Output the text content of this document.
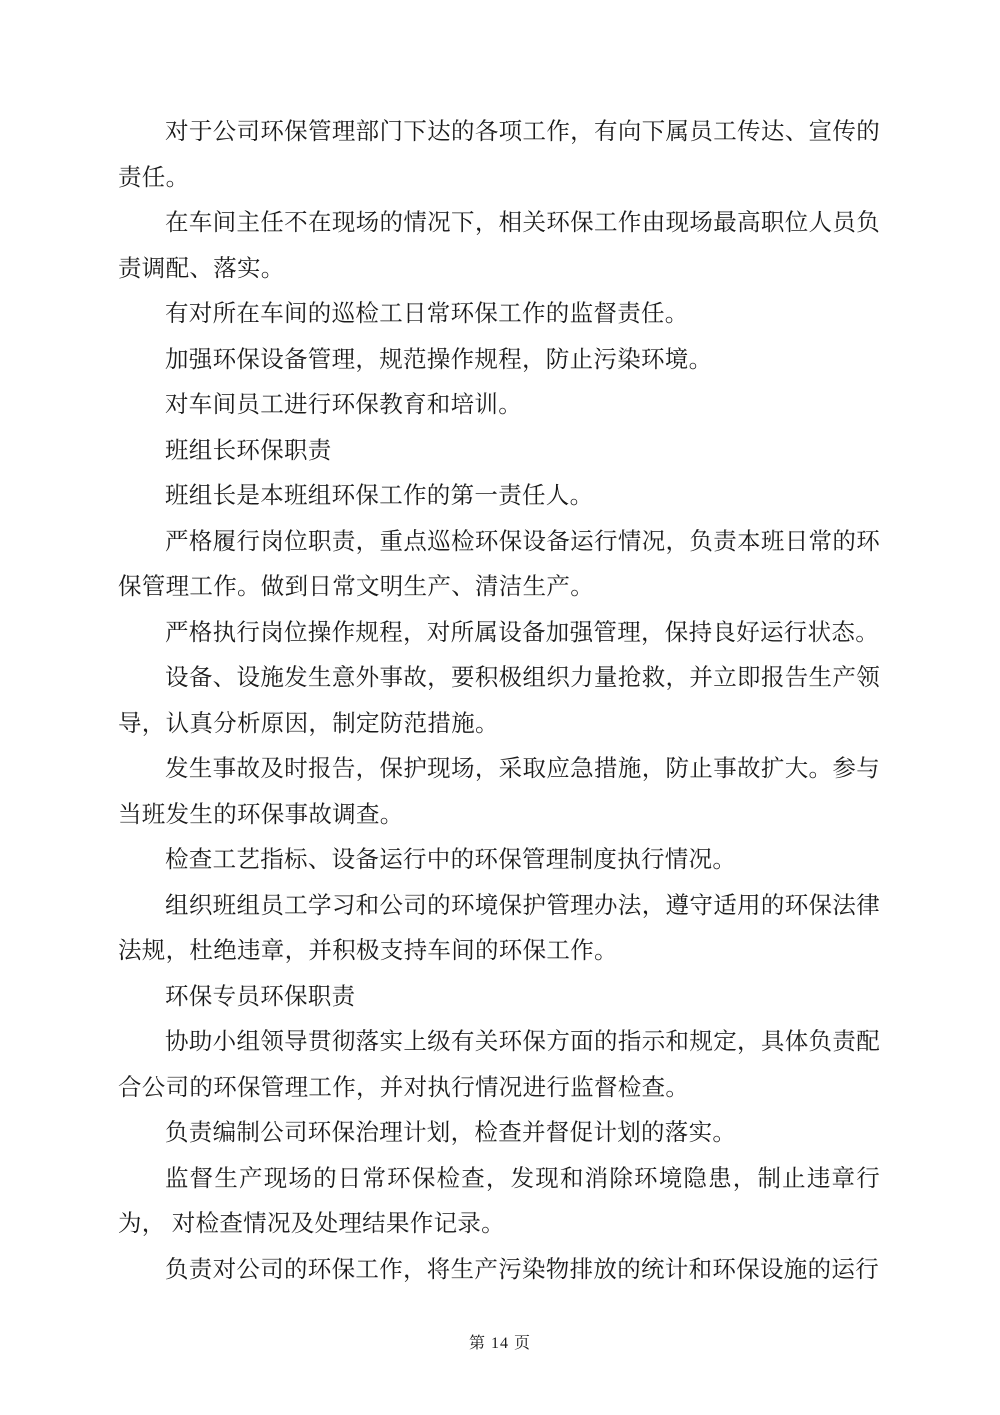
对于公司环保管理部门下达的各项工作，有向下属员工传达、宣传的责任。

在车间主任不在现场的情况下，相关环保工作由现场最高职位人员负责调配、落实。

有对所在车间的巡检工日常环保工作的监督责任。

加强环保设备管理，规范操作规程，防止污染环境。

对车间员工进行环保教育和培训。

班组长环保职责

班组长是本班组环保工作的第一责任人。

严格履行岗位职责，重点巡检环保设备运行情况，负责本班日常的环保管理工作。做到日常文明生产、清洁生产。

严格执行岗位操作规程，对所属设备加强管理，保持良好运行状态。

设备、设施发生意外事故，要积极组织力量抢救，并立即报告生产领导，认真分析原因，制定防范措施。

发生事故及时报告，保护现场，采取应急措施，防止事故扩大。参与当班发生的环保事故调查。

检查工艺指标、设备运行中的环保管理制度执行情况。

组织班组员工学习和公司的环境保护管理办法，遵守适用的环保法律法规，杜绝违章，并积极支持车间的环保工作。

环保专员环保职责

协助小组领导贯彻落实上级有关环保方面的指示和规定，具体负责配合公司的环保管理工作，并对执行情况进行监督检查。

负责编制公司环保治理计划，检查并督促计划的落实。

监督生产现场的日常环保检查，发现和消除环境隐患，制止违章行为， 对检查情况及处理结果作记录。

负责对公司的环保工作，将生产污染物排放的统计和环保设施的运行

第 14 页
